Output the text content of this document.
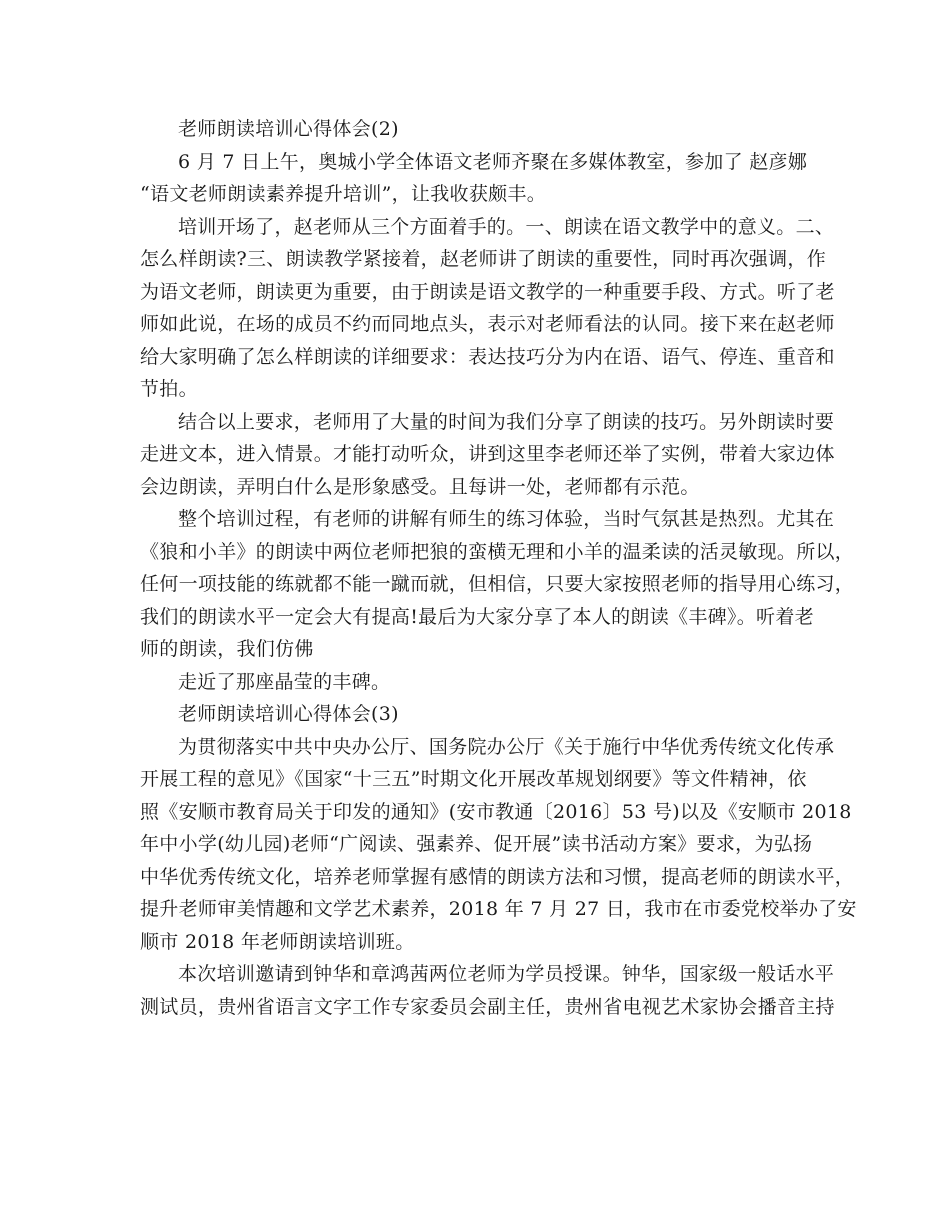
老师朗读培训心得体会(2)
6 月 7 日上午，奥城小学全体语文老师齐聚在多媒体教室，参加了 赵彦娜
“语文老师朗读素养提升培训”，让我收获颇丰。
培训开场了，赵老师从三个方面着手的。一、朗读在语文教学中的意义。二、
怎么样朗读?三、朗读教学紧接着，赵老师讲了朗读的重要性，同时再次强调，作
为语文老师，朗读更为重要，由于朗读是语文教学的一种重要手段、方式。听了老
师如此说，在场的成员不约而同地点头，表示对老师看法的认同。接下来在赵老师
给大家明确了怎么样朗读的详细要求：表达技巧分为内在语、语气、停连、重音和
节拍。
结合以上要求，老师用了大量的时间为我们分享了朗读的技巧。另外朗读时要
走进文本，进入情景。才能打动听众，讲到这里李老师还举了实例，带着大家边体
会边朗读，弄明白什么是形象感受。且每讲一处，老师都有示范。
整个培训过程，有老师的讲解有师生的练习体验，当时气氛甚是热烈。尤其在
《狼和小羊》的朗读中两位老师把狼的蛮横无理和小羊的温柔读的活灵敏现。所以，
任何一项技能的练就都不能一蹴而就，但相信，只要大家按照老师的指导用心练习，
我们的朗读水平一定会大有提高!最后为大家分享了本人的朗读《丰碑》。听着老
师的朗读，我们仿佛
走近了那座晶莹的丰碑。
老师朗读培训心得体会(3)
为贯彻落实中共中央办公厅、国务院办公厅《关于施行中华优秀传统文化传承
开展工程的意见》《国家“十三五”时期文化开展改革规划纲要》等文件精神，依
照《安顺市教育局关于印发的通知》(安市教通〔2016〕53 号)以及《安顺市 2018
年中小学(幼儿园)老师“广阅读、强素养、促开展”读书活动方案》要求，为弘扬
中华优秀传统文化，培养老师掌握有感情的朗读方法和习惯，提高老师的朗读水平，
提升老师审美情趣和文学艺术素养，2018 年 7 月 27 日，我市在市委党校举办了安
顺市 2018 年老师朗读培训班。
本次培训邀请到钟华和章鸿茜两位老师为学员授课。钟华，国家级一般话水平
测试员，贵州省语言文字工作专家委员会副主任，贵州省电视艺术家协会播音主持
